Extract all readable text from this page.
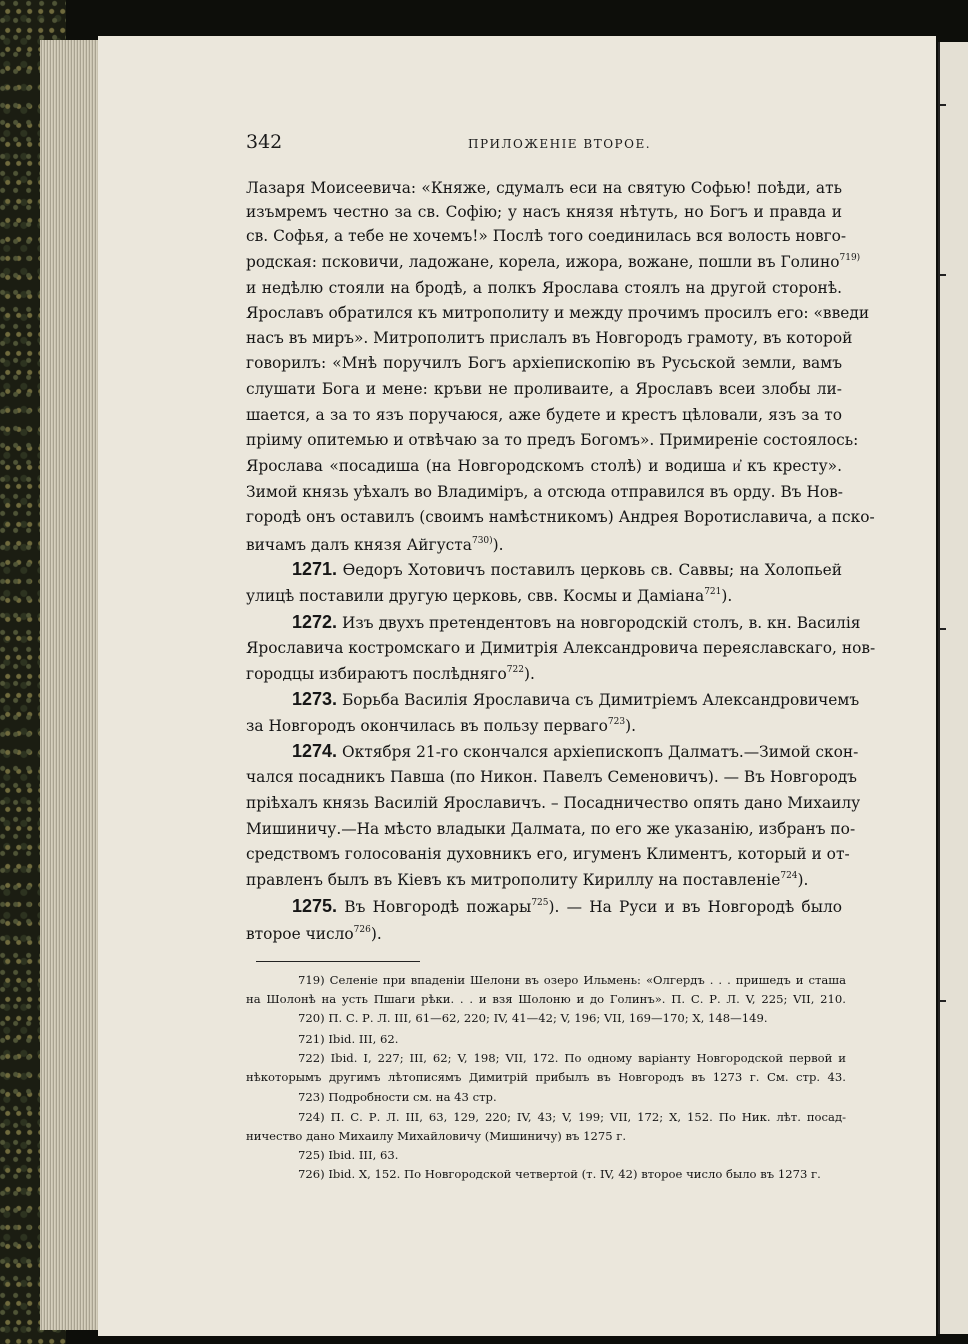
342	ПРИЛОЖЕНІЕ ВТОРОЕ.
Лазаря Моисеевича: «Княже, сдумалъ еси на святую Софью! поѣди, ать
изъмремъ честно за св. Софію; у насъ князя нѣтуть, но Богъ и правда и
св. Софья, а тебе не хочемъ!» Послѣ того соединилась вся волость новго-
родская: псковичи, ладожане, корела, ижора, вожане, пошли въ Голино$^{719)}$
и недѣлю стояли на бродѣ, а полкъ Ярослава стоялъ на другой сторонѣ.
Ярославъ обратился къ митрополиту и между прочимъ просилъ его: «введи
насъ въ миръ». Митрополитъ прислалъ въ Новгородъ грамоту, въ которой
говорилъ: «Мнѣ поручилъ Богъ архіепископію въ Русьской земли, вамъ
слушати Бога и мене: кръви не проливаите, а Ярославъ всеи злобы ли-
шается, а за то язъ поручаюся, аже будете и крестъ цѣловали, язъ за то
пріиму опитемью и отвѣчаю за то предъ Богомъ». Примиреніе состоялось:
Ярослава «посадиша (на Новгородскомъ столѣ) и водиша и҆ къ кресту».
Зимой князь уѣхалъ во Владиміръ, а отсюда отправился въ орду. Въ Нов-
городѣ онъ оставилъ (своимъ намѣстникомъ) Андрея Воротиславича, а пско-
вичамъ далъ князя Айгуста$^{730)}$).
1271. Ѳедоръ Хотовичъ поставилъ церковь св. Саввы; на Холопьей
улицѣ поставили другую церковь, свв. Космы и Даміана$^{721}$).
1272. Изъ двухъ претендентовъ на новгородскій столъ, в. кн. Василія
Ярославича костромскаго и Димитрія Александровича переяславскаго, нов-
городцы избираютъ послѣдняго$^{722}$).
1273. Борьба Василія Ярославича съ Димитріемъ Александровичемъ
за Новгородъ окончилась въ пользу перваго$^{723}$).
1274. Октября 21-го скончался архіепископъ Далматъ.—Зимой скон-
чался посадникъ Павша (по Никон. Павелъ Семеновичъ). — Въ Новгородъ
пріѣхалъ князь Василій Ярославичъ. – Посадничество опять дано Михаилу
Мишиничу.—На мѣсто владыки Далмата, по его же указанію, избранъ по-
средствомъ голосованія духовникъ его, игуменъ Климентъ, который и от-
правленъ былъ въ Кіевъ къ митрополиту Кириллу на поставленіе$^{724}$).
1275. Въ Новгородѣ пожары$^{725}$). — На Руси и въ Новгородѣ было
второе число$^{726}$).
719) Селеніе при впаденіи Шелони въ озеро Ильмень: «Олгердъ . . . пришедъ и сташа
на Шолонѣ на усть Пшаги рѣки. . . и взя Шолоню и до Голинъ». П. С. Р. Л. V, 225; VII, 210.
720) П. С. Р. Л. III, 61—62, 220; IV, 41—42; V, 196; VII, 169—170; X, 148—149.
721) Ibid. III, 62.
722) Ibid. I, 227; III, 62; V, 198; VII, 172. По одному варіанту Новгородской первой и
нѣкоторымъ другимъ лѣтописямъ Димитрій прибылъ въ Новгородъ въ 1273 г. См. стр. 43.
723) Подробности см. на 43 стр.
724) П. С. Р. Л. III, 63, 129, 220; IV, 43; V, 199; VII, 172; X, 152. По Ник. лѣт. посад-
ничество дано Михаилу Михайловичу (Мишиничу) въ 1275 г.
725) Ibid. III, 63.
726) Ibid. X, 152. По Новгородской четвертой (т. IV, 42) второе число было въ 1273 г.
